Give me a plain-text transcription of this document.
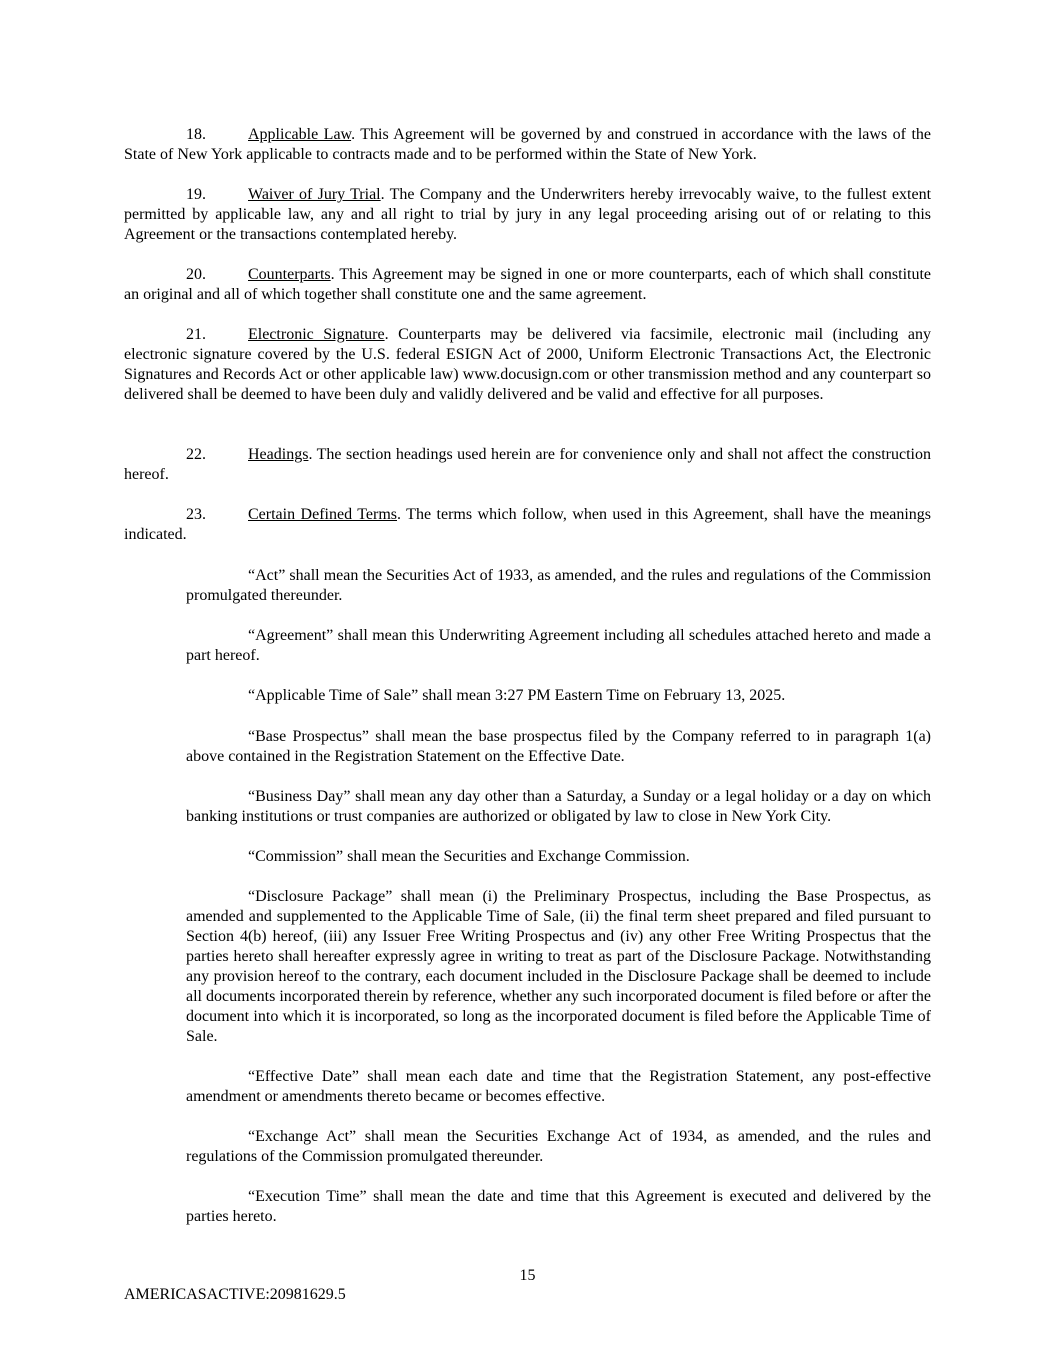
18.	Applicable Law. This Agreement will be governed by and construed in accordance with the laws of the State of New York applicable to contracts made and to be performed within the State of New York.

19.	Waiver of Jury Trial. The Company and the Underwriters hereby irrevocably waive, to the fullest extent permitted by applicable law, any and all right to trial by jury in any legal proceeding arising out of or relating to this Agreement or the transactions contemplated hereby.

20.	Counterparts. This Agreement may be signed in one or more counterparts, each of which shall constitute an original and all of which together shall constitute one and the same agreement.

21.	Electronic Signature. Counterparts may be delivered via facsimile, electronic mail (including any electronic signature covered by the U.S. federal ESIGN Act of 2000, Uniform Electronic Transactions Act, the Electronic Signatures and Records Act or other applicable law) www.docusign.com or other transmission method and any counterpart so delivered shall be deemed to have been duly and validly delivered and be valid and effective for all purposes.

22.	Headings. The section headings used herein are for convenience only and shall not affect the construction hereof.

23.	Certain Defined Terms. The terms which follow, when used in this Agreement, shall have the meanings indicated.

“Act” shall mean the Securities Act of 1933, as amended, and the rules and regulations of the Commission promulgated thereunder.

“Agreement” shall mean this Underwriting Agreement including all schedules attached hereto and made a part hereof.

“Applicable Time of Sale” shall mean 3:27 PM Eastern Time on February 13, 2025.

“Base Prospectus” shall mean the base prospectus filed by the Company referred to in paragraph 1(a) above contained in the Registration Statement on the Effective Date.

“Business Day” shall mean any day other than a Saturday, a Sunday or a legal holiday or a day on which banking institutions or trust companies are authorized or obligated by law to close in New York City.

“Commission” shall mean the Securities and Exchange Commission.

“Disclosure Package” shall mean (i) the Preliminary Prospectus, including the Base Prospectus, as amended and supplemented to the Applicable Time of Sale, (ii) the final term sheet prepared and filed pursuant to Section 4(b) hereof, (iii) any Issuer Free Writing Prospectus and (iv) any other Free Writing Prospectus that the parties hereto shall hereafter expressly agree in writing to treat as part of the Disclosure Package. Notwithstanding any provision hereof to the contrary, each document included in the Disclosure Package shall be deemed to include all documents incorporated therein by reference, whether any such incorporated document is filed before or after the document into which it is incorporated, so long as the incorporated document is filed before the Applicable Time of Sale.

“Effective Date” shall mean each date and time that the Registration Statement, any post-effective amendment or amendments thereto became or becomes effective.

“Exchange Act” shall mean the Securities Exchange Act of 1934, as amended, and the rules and regulations of the Commission promulgated thereunder.

“Execution Time” shall mean the date and time that this Agreement is executed and delivered by the parties hereto.

15
AMERICASACTIVE:20981629.5
